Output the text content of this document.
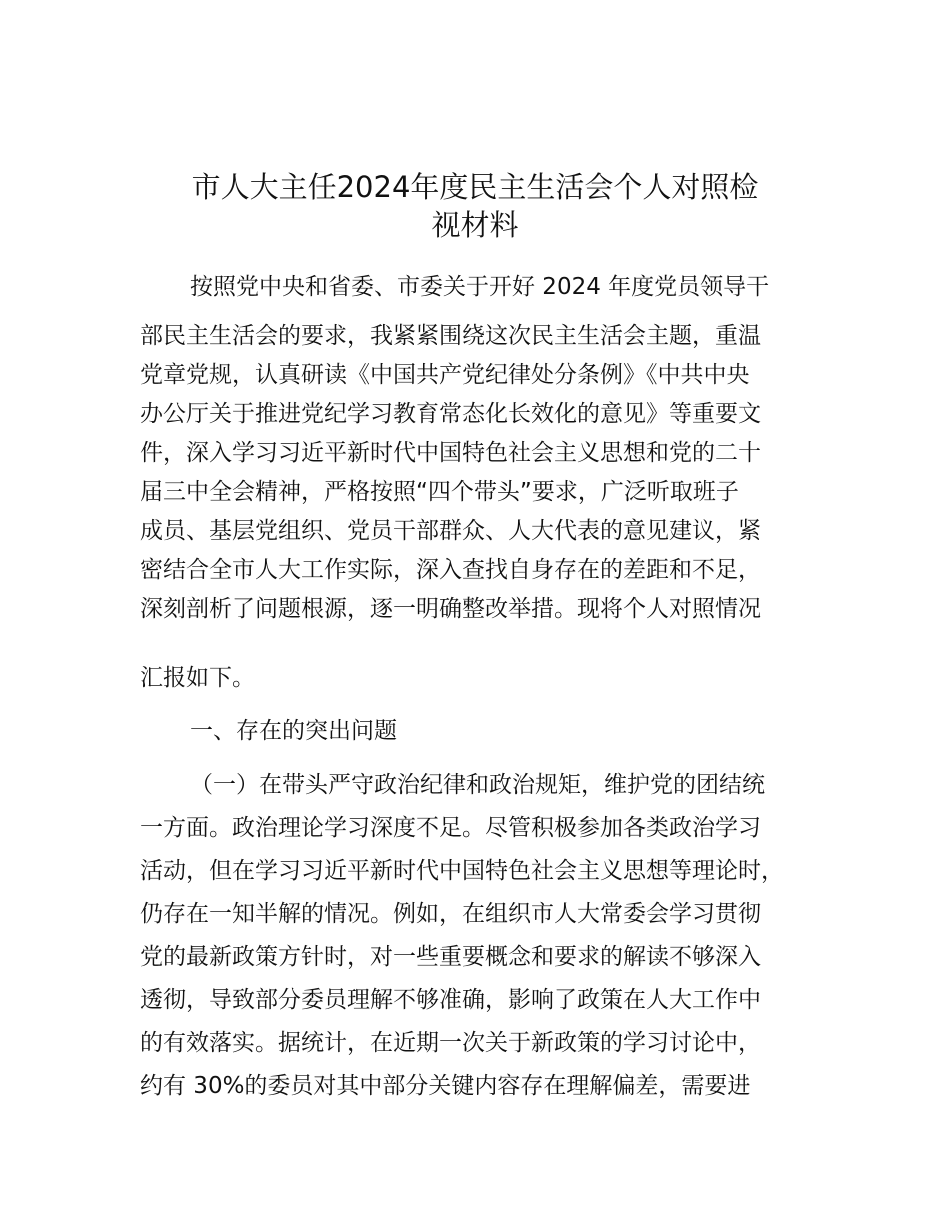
市人大主任2024年度民主生活会个人对照检
视材料

按照党中央和省委、市委关于开好 2024 年度党员领导干

部民主生活会的要求，我紧紧围绕这次民主生活会主题，重温

党章党规，认真研读《中国共产党纪律处分条例》《中共中央

办公厅关于推进党纪学习教育常态化长效化的意见》等重要文

件，深入学习习近平新时代中国特色社会主义思想和党的二十

届三中全会精神，严格按照“四个带头”要求，广泛听取班子

成员、基层党组织、党员干部群众、人大代表的意见建议，紧

密结合全市人大工作实际，深入查找自身存在的差距和不足，

深刻剖析了问题根源，逐一明确整改举措。现将个人对照情况

汇报如下。

一、存在的突出问题

（一）在带头严守政治纪律和政治规矩，维护党的团结统

一方面。政治理论学习深度不足。尽管积极参加各类政治学习

活动，但在学习习近平新时代中国特色社会主义思想等理论时，

仍存在一知半解的情况。例如，在组织市人大常委会学习贯彻

党的最新政策方针时，对一些重要概念和要求的解读不够深入

透彻，导致部分委员理解不够准确，影响了政策在人大工作中

的有效落实。据统计，在近期一次关于新政策的学习讨论中，

约有 30%的委员对其中部分关键内容存在理解偏差，需要进
